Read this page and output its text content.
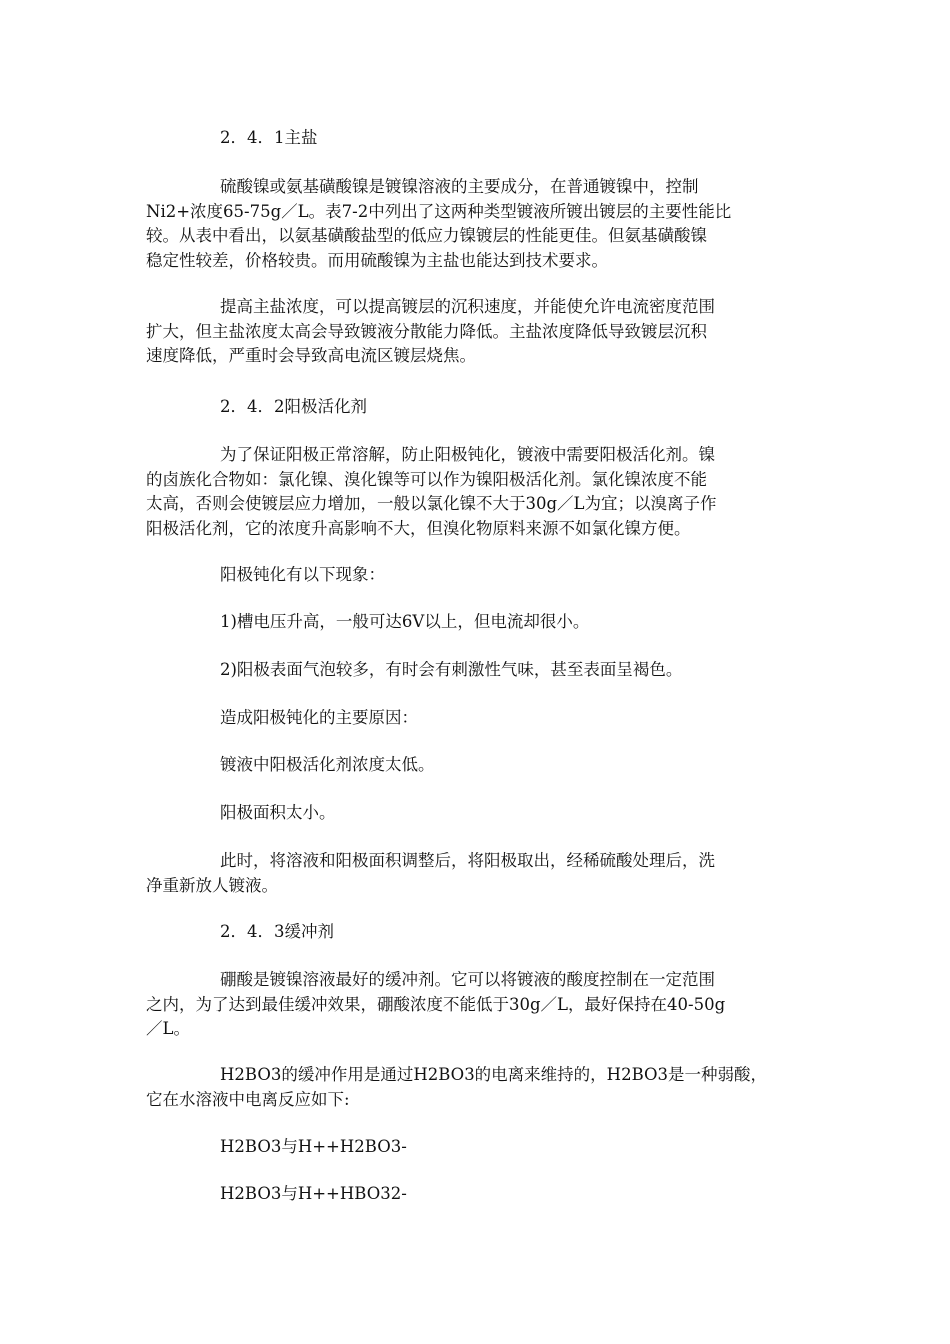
2．4．1主盐

硫酸镍或氨基磺酸镍是镀镍溶液的主要成分，在普通镀镍中，控制
Ni2+浓度65-75g／L。表7-2中列出了这两种类型镀液所镀出镀层的主要性能比
较。从表中看出，以氨基磺酸盐型的低应力镍镀层的性能更佳。但氨基磺酸镍
稳定性较差，价格较贵。而用硫酸镍为主盐也能达到技术要求。

提高主盐浓度，可以提高镀层的沉积速度，并能使允许电流密度范围
扩大，但主盐浓度太高会导致镀液分散能力降低。主盐浓度降低导致镀层沉积
速度降低，严重时会导致高电流区镀层烧焦。

2．4．2阳极活化剂

为了保证阳极正常溶解，防止阳极钝化，镀液中需要阳极活化剂。镍
的卤族化合物如：氯化镍、溴化镍等可以作为镍阳极活化剂。氯化镍浓度不能
太高，否则会使镀层应力增加，一般以氯化镍不大于30g／L为宜；以溴离子作
阳极活化剂，它的浓度升高影响不大，但溴化物原料来源不如氯化镍方便。

阳极钝化有以下现象：

1)槽电压升高，一般可达6V以上，但电流却很小。

2)阳极表面气泡较多，有时会有刺激性气味，甚至表面呈褐色。

造成阳极钝化的主要原因：

镀液中阳极活化剂浓度太低。

阳极面积太小。

此时，将溶液和阳极面积调整后，将阳极取出，经稀硫酸处理后，洗
净重新放人镀液。

2．4．3缓冲剂

硼酸是镀镍溶液最好的缓冲剂。它可以将镀液的酸度控制在一定范围
之内，为了达到最佳缓冲效果，硼酸浓度不能低于30g／L，最好保持在40-50g
／L。

H2BO3的缓冲作用是通过H2BO3的电离来维持的，H2BO3是一种弱酸，
它在水溶液中电离反应如下:

H2BO3与H++H2BO3-

H2BO3与H++HBO32-
